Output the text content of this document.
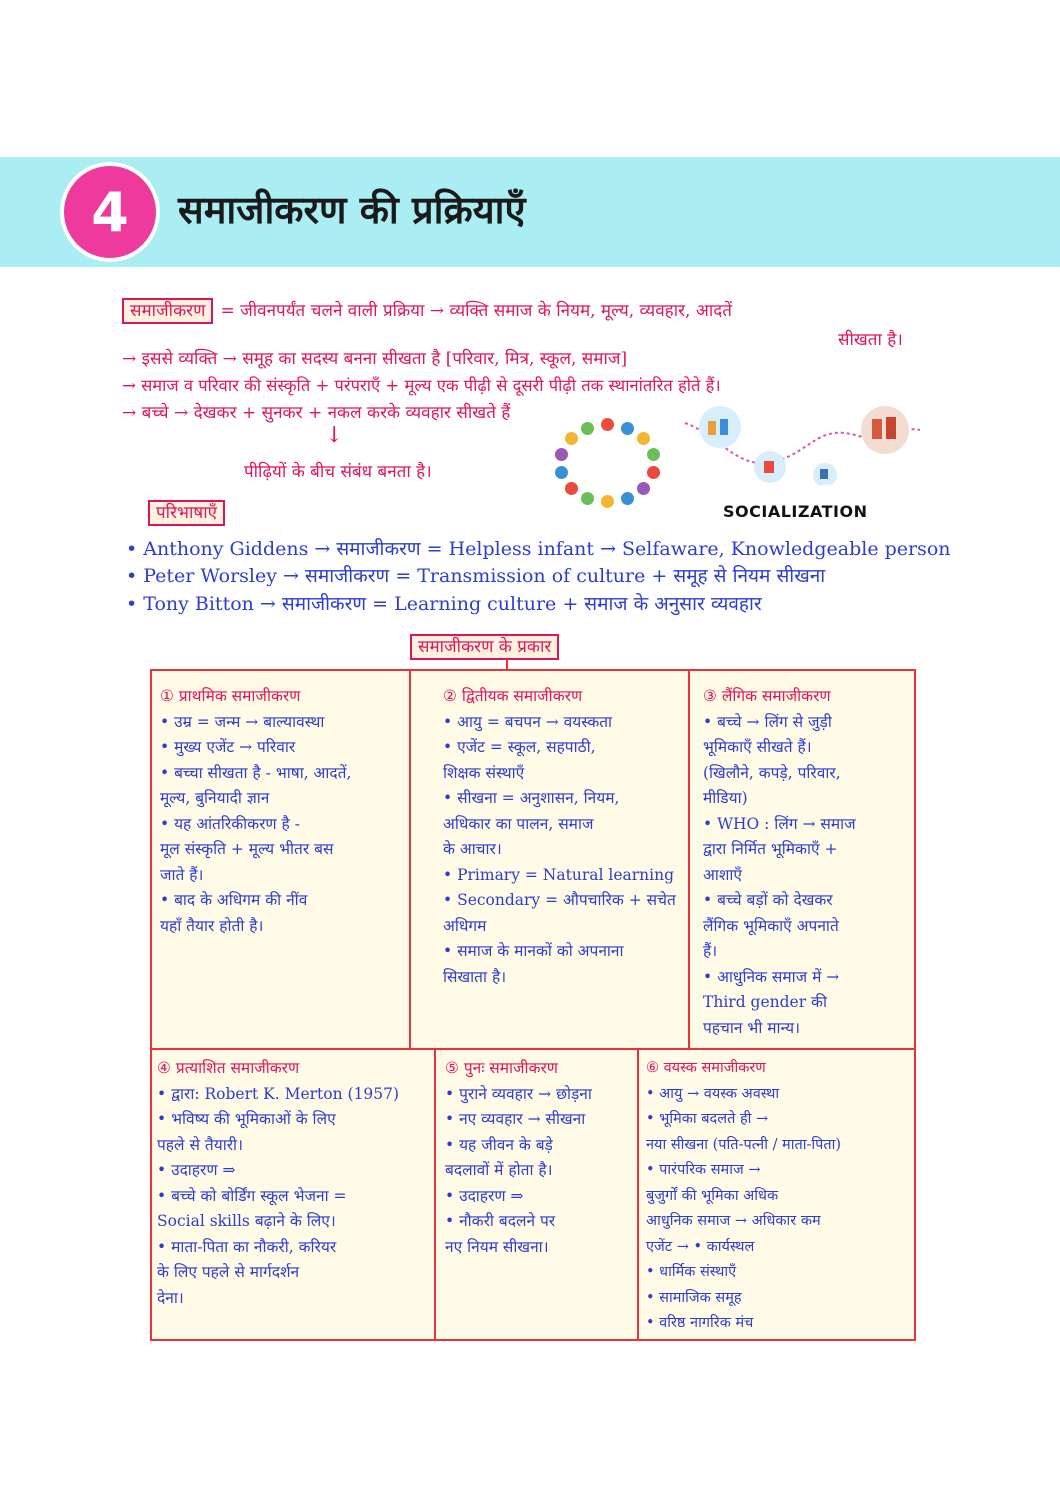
4 समाजीकरण की प्रक्रियाएँ
समाजीकरण = जीवनपर्यंत चलने वाली प्रक्रिया → व्यक्ति समाज के नियम, मूल्य, व्यवहार, आदतें
सीखता है।
→ इससे व्यक्ति → समूह का सदस्य बनना सीखता है [परिवार, मित्र, स्कूल, समाज]
→ समाज व परिवार की संस्कृति + परंपराएँ + मूल्य एक पीढ़ी से दूसरी पीढ़ी तक स्थानांतरित होते हैं।
→ बच्चे → देखकर + सुनकर + नकल करके व्यवहार सीखते हैं
↓
पीढ़ियों के बीच संबंध बनता है।
SOCIALIZATION
परिभाषाएँ
• Anthony Giddens → समाजीकरण = Helpless infant → Selfaware, Knowledgeable person
• Peter Worsley → समाजीकरण = Transmission of culture + समूह से नियम सीखना
• Tony Bitton → समाजीकरण = Learning culture + समाज के अनुसार व्यवहार
समाजीकरण के प्रकार
① प्राथमिक समाजीकरण
• उम्र = जन्म → बाल्यावस्था
• मुख्य एजेंट → परिवार
• बच्चा सीखता है - भाषा, आदतें,
मूल्य, बुनियादी ज्ञान
• यह आंतरिकीकरण है -
मूल संस्कृति + मूल्य भीतर बस
जाते हैं।
• बाद के अधिगम की नींव
यहाँ तैयार होती है।
② द्वितीयक समाजीकरण
• आयु = बचपन → वयस्कता
• एजेंट = स्कूल, सहपाठी,
शिक्षक संस्थाएँ
• सीखना = अनुशासन, नियम,
अधिकार का पालन, समाज
के आचार।
• Primary = Natural learning
• Secondary = औपचारिक + सचेत
अधिगम
• समाज के मानकों को अपनाना
सिखाता है।
③ लैंगिक समाजीकरण
• बच्चे → लिंग से जुड़ी
भूमिकाएँ सीखते हैं।
(खिलौने, कपड़े, परिवार,
मीडिया)
• WHO : लिंग → समाज
द्वारा निर्मित भूमिकाएँ +
आशाएँ
• बच्चे बड़ों को देखकर
लैंगिक भूमिकाएँ अपनाते
हैं।
• आधुनिक समाज में →
Third gender की
पहचान भी मान्य।
④ प्रत्याशित समाजीकरण
• द्वारा: Robert K. Merton (1957)
• भविष्य की भूमिकाओं के लिए
पहले से तैयारी।
• उदाहरण ⇒
• बच्चे को बोर्डिंग स्कूल भेजना =
Social skills बढ़ाने के लिए।
• माता-पिता का नौकरी, करियर
के लिए पहले से मार्गदर्शन
देना।
⑤ पुनः समाजीकरण
• पुराने व्यवहार → छोड़ना
• नए व्यवहार → सीखना
• यह जीवन के बड़े
बदलावों में होता है।
• उदाहरण ⇒
• नौकरी बदलने पर
नए नियम सीखना।
⑥ वयस्क समाजीकरण
• आयु → वयस्क अवस्था
• भूमिका बदलते ही →
नया सीखना (पति-पत्नी / माता-पिता)
• पारंपरिक समाज →
बुजुर्गों की भूमिका अधिक
आधुनिक समाज → अधिकार कम
एजेंट → • कार्यस्थल
• धार्मिक संस्थाएँ
• सामाजिक समूह
• वरिष्ठ नागरिक मंच
